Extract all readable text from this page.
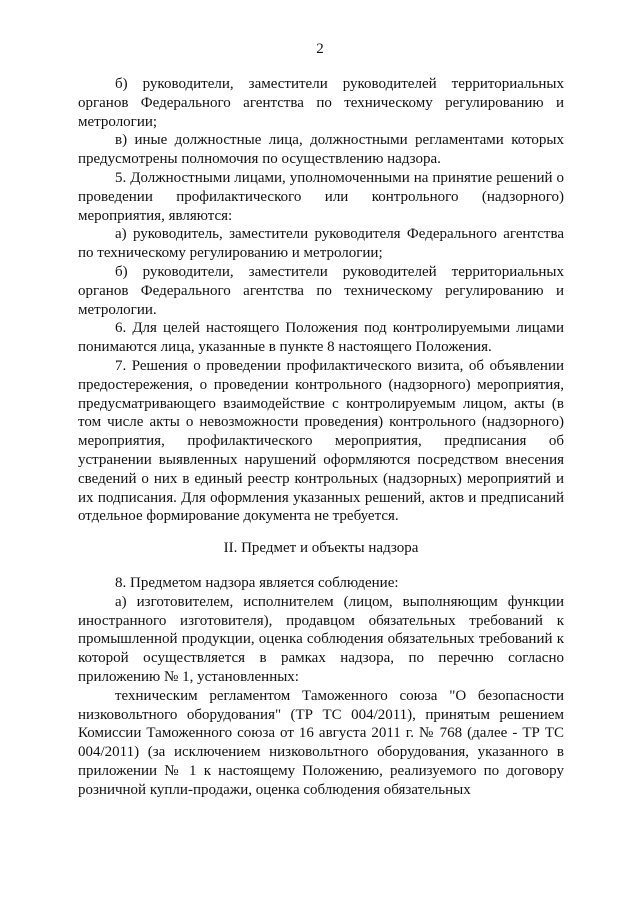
2

б) руководители, заместители руководителей территориальных органов Федерального агентства по техническому регулированию и метрологии;

в) иные должностные лица, должностными регламентами которых предусмотрены полномочия по осуществлению надзора.

5. Должностными лицами, уполномоченными на принятие решений о проведении профилактического или контрольного (надзорного) мероприятия, являются:

а) руководитель, заместители руководителя Федерального агентства по техническому регулированию и метрологии;

б) руководители, заместители руководителей территориальных органов Федерального агентства по техническому регулированию и метрологии.

6. Для целей настоящего Положения под контролируемыми лицами понимаются лица, указанные в пункте 8 настоящего Положения.

7. Решения о проведении профилактического визита, об объявлении предостережения, о проведении контрольного (надзорного) мероприятия, предусматривающего взаимодействие с контролируемым лицом, акты (в том числе акты о невозможности проведения) контрольного (надзорного) мероприятия, профилактического мероприятия, предписания об устранении выявленных нарушений оформляются посредством внесения сведений о них в единый реестр контрольных (надзорных) мероприятий и их подписания. Для оформления указанных решений, актов и предписаний отдельное формирование документа не требуется.

II. Предмет и объекты надзора

8. Предметом надзора является соблюдение:

а) изготовителем, исполнителем (лицом, выполняющим функции иностранного изготовителя), продавцом обязательных требований к промышленной продукции, оценка соблюдения обязательных требований к которой осуществляется в рамках надзора, по перечню согласно приложению № 1, установленных:

техническим регламентом Таможенного союза "О безопасности низковольтного оборудования" (ТР ТС 004/2011), принятым решением Комиссии Таможенного союза от 16 августа 2011 г. № 768 (далее - ТР ТС 004/2011) (за исключением низковольтного оборудования, указанного в приложении № 1 к настоящему Положению, реализуемого по договору розничной купли-продажи, оценка соблюдения обязательных
